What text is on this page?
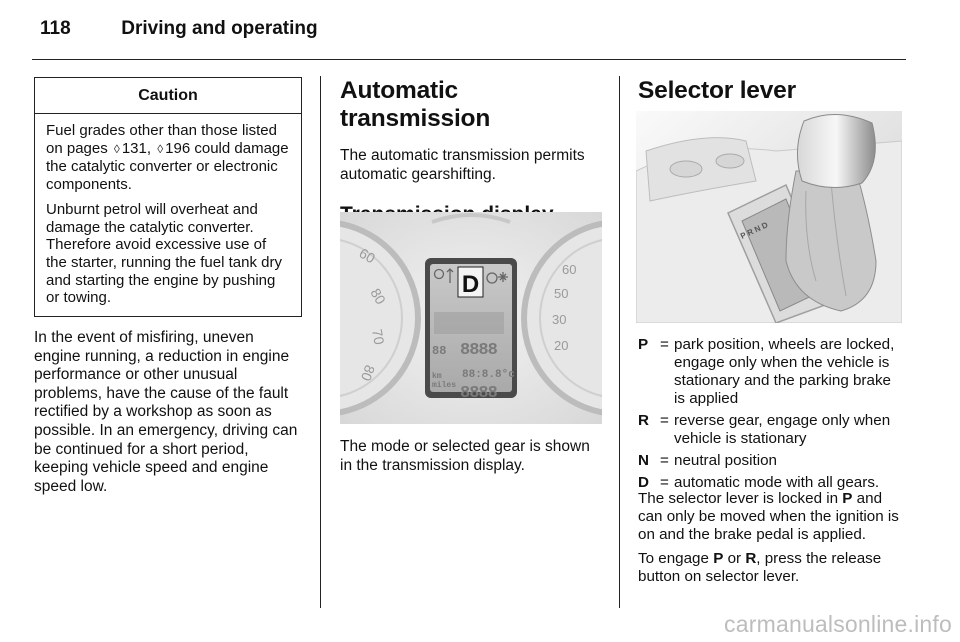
118	Driving and operating
Caution

Fuel grades other than those listed on pages ◊ 131, ◊ 196 could damage the catalytic converter or electronic components.

Unburnt petrol will overheat and damage the catalytic converter. Therefore avoid excessive use of the starter, running the fuel tank dry and starting the engine by pushing or towing.

In the event of misfiring, uneven engine running, a reduction in engine performance or other unusual problems, have the cause of the fault rectified by a workshop as soon as possible. In an emergency, driving can be continued for a short period, keeping vehicle speed and engine speed low.

Automatic transmission

The automatic transmission permits automatic gearshifting.

60
80
70
80
60
50
30
20
D
8888
88
88:8.8°c
km
miles 8888

The mode or selected gear is shown in the transmission display.

Selector lever
P R N D
P = park position, wheels are locked, engage only when the vehicle is stationary and the parking brake is applied
R = reverse gear, engage only when vehicle is stationary
N = neutral position
D = automatic mode with all gears.

The selector lever is locked in P and can only be moved when the ignition is on and the brake pedal is applied.

To engage P or R, press the release button on selector lever.

carmanualsonline.info
